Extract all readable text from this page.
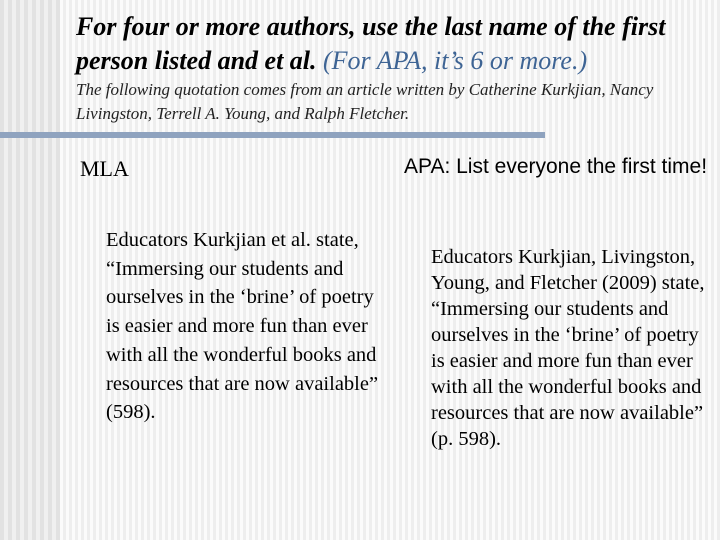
For four or more authors, use the last name of the first person listed and et al. (For APA, it’s 6 or more.)
The following quotation comes from an article written by Catherine Kurkjian, Nancy Livingston, Terrell A. Young, and Ralph Fletcher.
MLA
Educators Kurkjian et al. state, “Immersing our students and ourselves in the ‘brine’ of poetry is easier and more fun than ever with all the wonderful books and resources that are now available” (598).
APA: List everyone the first time!
Educators Kurkjian, Livingston, Young, and Fletcher (2009) state, “Immersing our students and ourselves in the ‘brine’ of poetry is easier and more fun than ever with all the wonderful books and resources that are now available” (p. 598).
